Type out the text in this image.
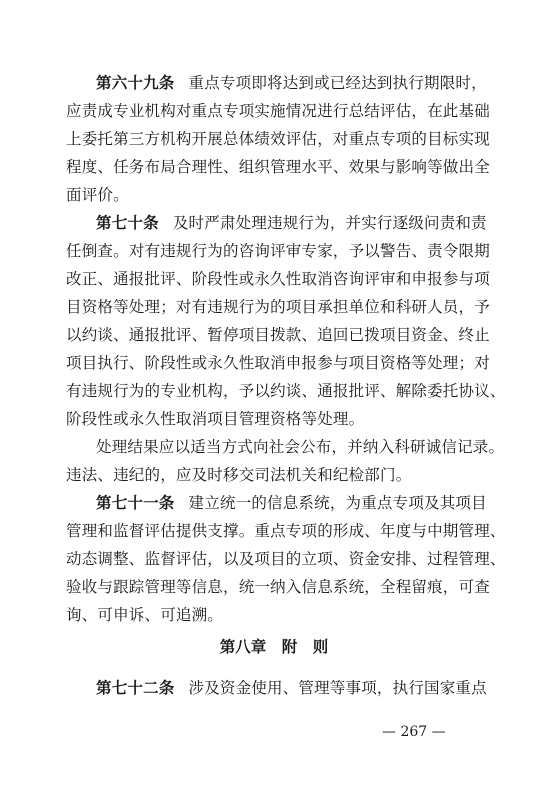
第六十九条 重点专项即将达到或已经达到执行期限时，
应责成专业机构对重点专项实施情况进行总结评估，在此基础
上委托第三方机构开展总体绩效评估，对重点专项的目标实现
程度、任务布局合理性、组织管理水平、效果与影响等做出全
面评价。
第七十条 及时严肃处理违规行为，并实行逐级问责和责
任倒查。对有违规行为的咨询评审专家，予以警告、责令限期
改正、通报批评、阶段性或永久性取消咨询评审和申报参与项
目资格等处理；对有违规行为的项目承担单位和科研人员，予
以约谈、通报批评、暂停项目拨款、追回已拨项目资金、终止
项目执行、阶段性或永久性取消申报参与项目资格等处理；对
有违规行为的专业机构，予以约谈、通报批评、解除委托协议、
阶段性或永久性取消项目管理资格等处理。
处理结果应以适当方式向社会公布，并纳入科研诚信记录。
违法、违纪的，应及时移交司法机关和纪检部门。
第七十一条 建立统一的信息系统，为重点专项及其项目
管理和监督评估提供支撑。重点专项的形成、年度与中期管理、
动态调整、监督评估，以及项目的立项、资金安排、过程管理、
验收与跟踪管理等信息，统一纳入信息系统，全程留痕，可查
询、可申诉、可追溯。
第八章　附　则
第七十二条 涉及资金使用、管理等事项，执行国家重点
— 267 —
